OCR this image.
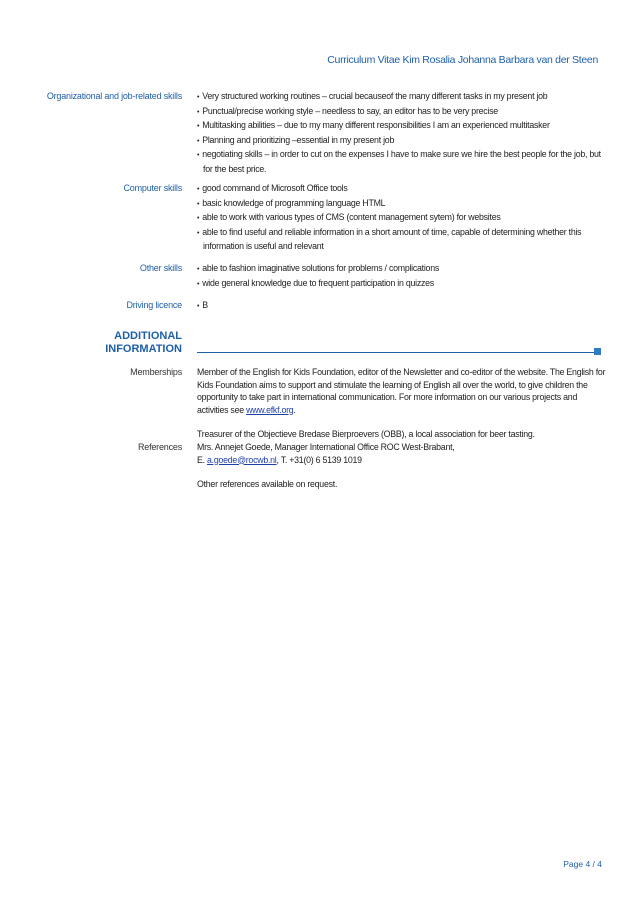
Curriculum Vitae Kim Rosalia Johanna Barbara van der Steen
Organizational and job-related skills	• Very structured working routines – crucial becauseof the many different tasks in my present job
• Punctual/precise working style – needless to say, an editor has to be very precise
• Multitasking abilities – due to my many different responsibilities I am an experienced multitasker
• Planning and prioritizing –essential in my present job
• negotiating skills – in order to cut on the expenses I have to make sure we hire the best people for the job, but for the best price.
Computer skills	• good command of Microsoft Office tools
• basic knowledge of programming language HTML
• able to work with various types of CMS (content management sytem) for websites
• able to find useful and reliable information in a short amount of time, capable of determining whether this information is useful and relevant
Other skills	• able to fashion imaginative solutions for problems / complications
• wide general knowledge due to frequent participation in quizzes
Driving licence	• B
ADDITIONAL
INFORMATION
Memberships Member of the English for Kids Foundation, editor of the Newsletter and co-editor of the website. The English for Kids Foundation aims to support and stimulate the learning of English all over the world, to give children the opportunity to take part in international communication. For more information on our various projects and activities see www.efkf.org.

Treasurer of the Objectieve Bredase Bierproevers (OBB), a local association for beer tasting.

References Mrs. Annejet Goede, Manager International Office ROC West-Brabant,
E. a.goede@rocwb.nl, T. +31(0) 6 5139 1019

Other references available on request.

Page 4 / 4
